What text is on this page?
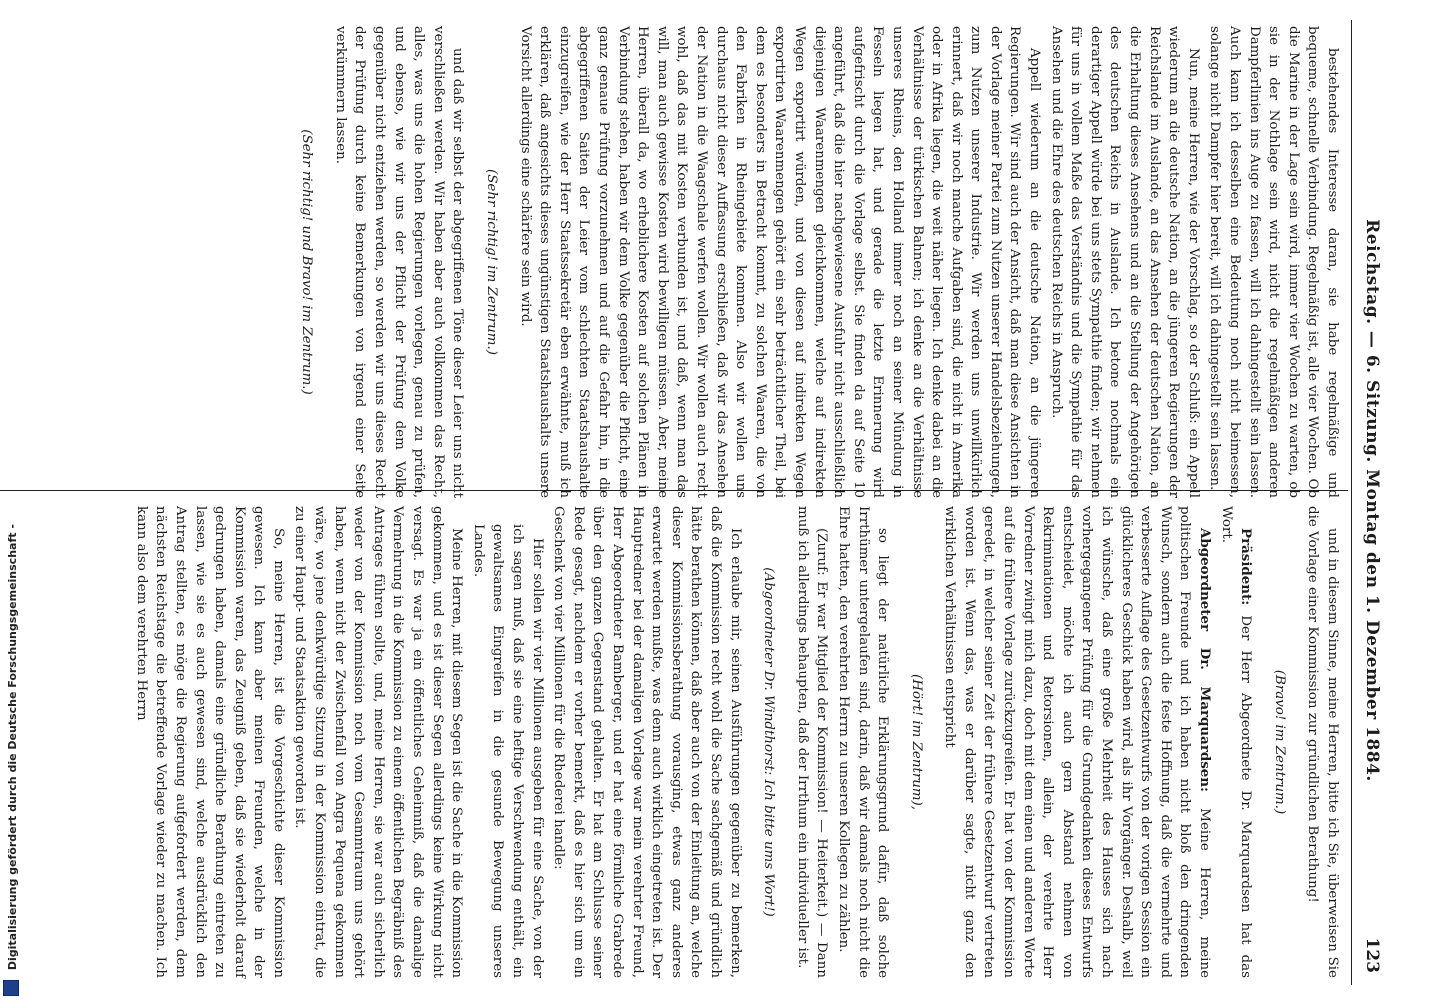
Reichstag. — 6. Sitzung. Montag den 1. Dezember 1884.
123

bestehendes Interesse daran, sie habe regelmäßige und bequeme, schnelle Verbindung. Regelmäßig ist, alle vier Wochen. Ob die Marine in der Lage sein wird, immer vier Wochen zu warten, ob sie in der Nothlage sein wird, nicht die regelmäßigen anderen Dampferlinien ins Auge zu fassen, will ich dahingestellt sein lassen. Auch kann ich desselben eine Bedeutung noch nicht beimessen, solange nicht Dampfer hier bereit, will ich dahingestellt sein lassen.

Nun, meine Herren, wie der Vorschlag, so der Schluß: ein Appell wiederum an die deutsche Nation, an die jüngeren Regierungen der Reichslande im Auslande, an das Ansehen der deutschen Nation, an die Erhaltung dieses Ansehens und an die Stellung der Angehörigen des deutschen Reichs in Auslande. Ich betone nochmals ein derartiger Appell würde bei uns stets Sympathie finden; wir nehmen für uns in vollem Maße das Verständnis und die Sympathie für das Ansehen und die Ehre des deutschen Reichs in Anspruch.

Appell wiederum an die deutsche Nation, an die jüngeren Regierungen. Wir sind auch der Ansicht, daß man diese Ansichten in der Vorlage meiner Partei zum Nutzen unserer Handelsbeziehungen, zum Nutzen unserer Industrie. Wir werden uns unwillkürlich erinnert, daß wir noch manche Aufgaben sind, die nicht in Amerika oder in Afrika liegen, die weit näher liegen. Ich denke dabei an die Verhältnisse der türkischen Bahnen; ich denke an die Verhältnisse unseres Rheins, den Holland immer noch an seiner Mündung in Fesseln liegen hat, und gerade die letzte Erinnerung wird aufgefrischt durch die Vorlage selbst. Sie finden da auf Seite 10 angeführt, daß die hier nachgewiesene Ausfuhr nicht ausschließlich diejenigen Waarenmengen gleichkommen, welche auf indirekten Wegen exportirt würden, und von diesen auf indirekten Wegen exportirten Waarenmengen gehört ein sehr beträchtlicher Theil, bei dem es besonders in Betracht kommt, zu solchen Waaren, die von den Fabriken in Rheingebiete kommen. Also wir wollen uns durchaus nicht dieser Auffassung erschließen, daß wir das Ansehen der Nation in die Waagschale werfen wollen. Wir wollen auch recht wohl, daß das mit Kosten verbunden ist, und daß, wenn man das will, man auch gewisse Kosten wird bewilligen müssen. Aber, meine Herren, überall da, wo erheblichere Kosten auf solchen Plänen in Verbindung stehen, haben wir dem Volke gegenüber die Pflicht, eine ganz genaue Prüfung vorzunehmen und auf die Gefahr hin, in die abgegriffenen Saiten der Leier vom schlechten Staatshaushalte einzugreifen, wie der Herr Staatssekretär eben erwähnte, muß ich erklären, daß angesichts dieses ungünstigen Staatshaushalts unsere Vorsicht allerdings eine schärfere sein wird.

(Sehr richtig! im Zentrum.)

und daß wir selbst der abgegriffenen Töne dieser Leier uns nicht verschließen werden. Wir haben aber auch vollkommen das Recht, alles, was uns die hohen Regierungen vorlegen, genau zu prüfen, und ebenso, wie wir uns der Pflicht der Prüfung dem Volke gegenüber nicht entziehen werden, so werden wir uns dieses Recht der Prüfung durch keine Bemerkungen von irgend einer Seite verkümmern lassen.

(Sehr richtig! und Bravo! im Zentrum.)

und in diesem Sinne, meine Herren, bitte ich Sie, überweisen Sie die Vorlage einer Kommission zur gründlichen Berathung!

(Bravo! im Zentrum.)

Präsident: Der Herr Abgeordnete Dr. Marquardsen hat das Wort.

Abgeordneter Dr. Marquardsen: Meine Herren, meine politischen Freunde und ich haben nicht bloß den dringenden Wunsch, sondern auch die feste Hoffnung, daß die vermehrte und verbesserte Auflage des Gesetzentwurfs von der vorigen Session ein glücklicheres Geschick haben wird, als ihr Vorgänger. Deshalb, weil ich wünsche, daß eine große Mehrheit des Hauses sich nach vorhergegangener Prüfung für die Grundgedanken dieses Entwurfs entscheidet, möchte ich auch gern Abstand nehmen von Rekriminationen und Retorsionen, allein, der verehrte Herr Vorredner zwingt mich dazu, doch mit dem einen und anderen Worte auf die frühere Vorlage zurückzugreifen. Er hat von der Kommission geredet, in welcher seiner Zeit der frühere Gesetzentwurf vertreten worden ist. Wenn das, was er darüber sagte, nicht ganz den wirklichen Verhältnissen entspricht

(Hört! im Zentrum),

so liegt der natürliche Erklärungsgrund dafür, daß solche Irrthümer untergelaufen sind, darin, daß wir damals noch nicht die Ehre hatten, den verehrten Herrn zu unseren Kollegen zu zählen.

(Zuruf: Er war Mitglied der Kommission! — Heiterkeit.) — Dann muß ich allerdings behaupten, daß der Irrthum ein individueller ist.

(Abgeordneter Dr. Windthorst: Ich bitte ums Wort!)

Ich erlaube mir, seinen Ausführungen gegenüber zu bemerken, daß die Kommission recht wohl die Sache sachgemäß und gründlich hätte berathen können, daß aber auch von der Einleitung an, welche dieser Kommissionsberathung vorausging, etwas ganz anderes erwartet werden mußte, was denn auch wirklich eingetreten ist. Der Hauptredner bei der damaligen Vorlage war mein verehrter Freund, Herr Abgeordneter Bamberger, und er hat eine förmliche Grabrede über den ganzen Gegenstand gehalten. Er hat am Schlusse seiner Rede gesagt, nachdem er vorher bemerkt, daß es hier sich um ein Geschenk von vier Millionen für die Rhederei handle:

Hier sollen wir vier Millionen ausgeben für eine Sache, von der ich sagen muß, daß sie eine heftige Verschwendung enthält, ein gewaltsames Eingreifen in die gesunde Bewegung unseres Landes.

Meine Herren, mit diesem Segen ist die Sache in die Kommission gekommen, und es ist dieser Segen allerdings keine Wirkung nicht versagt. Es war ja ein öffentliches Geheimniß, daß die damalige Vermehrung in die Kommission zu einem öffentlichen Begräbniß des Antrages führen sollte, und, meine Herren, sie war auch sicherlich weder von der Kommission noch vom Gesammtraum uns gehört haben, wenn nicht der Zwischenfall von Angra Pequena gekommen wäre, wo jene denkwürdige Sitzung in der Kommission eintrat, die zu einer Haupt- und Staatsaktion geworden ist.

So, meine Herren, ist die Vorgeschichte dieser Kommission gewesen. Ich kann aber meinen Freunden, welche in der Kommission waren, das Zeugniß geben, daß sie wiederholt darauf gedrungen haben, damals eine gründliche Berathung eintreten zu lassen, wie sie es auch gewesen sind, welche ausdrücklich den Antrag stellten, es möge die Regierung aufgefordert werden, dem nächsten Reichstage die betreffende Vorlage wieder zu machen. Ich kann also dem verehrten Herrn

Digitalisierung gefördert durch die Deutsche Forschungsgemeinschaft -
